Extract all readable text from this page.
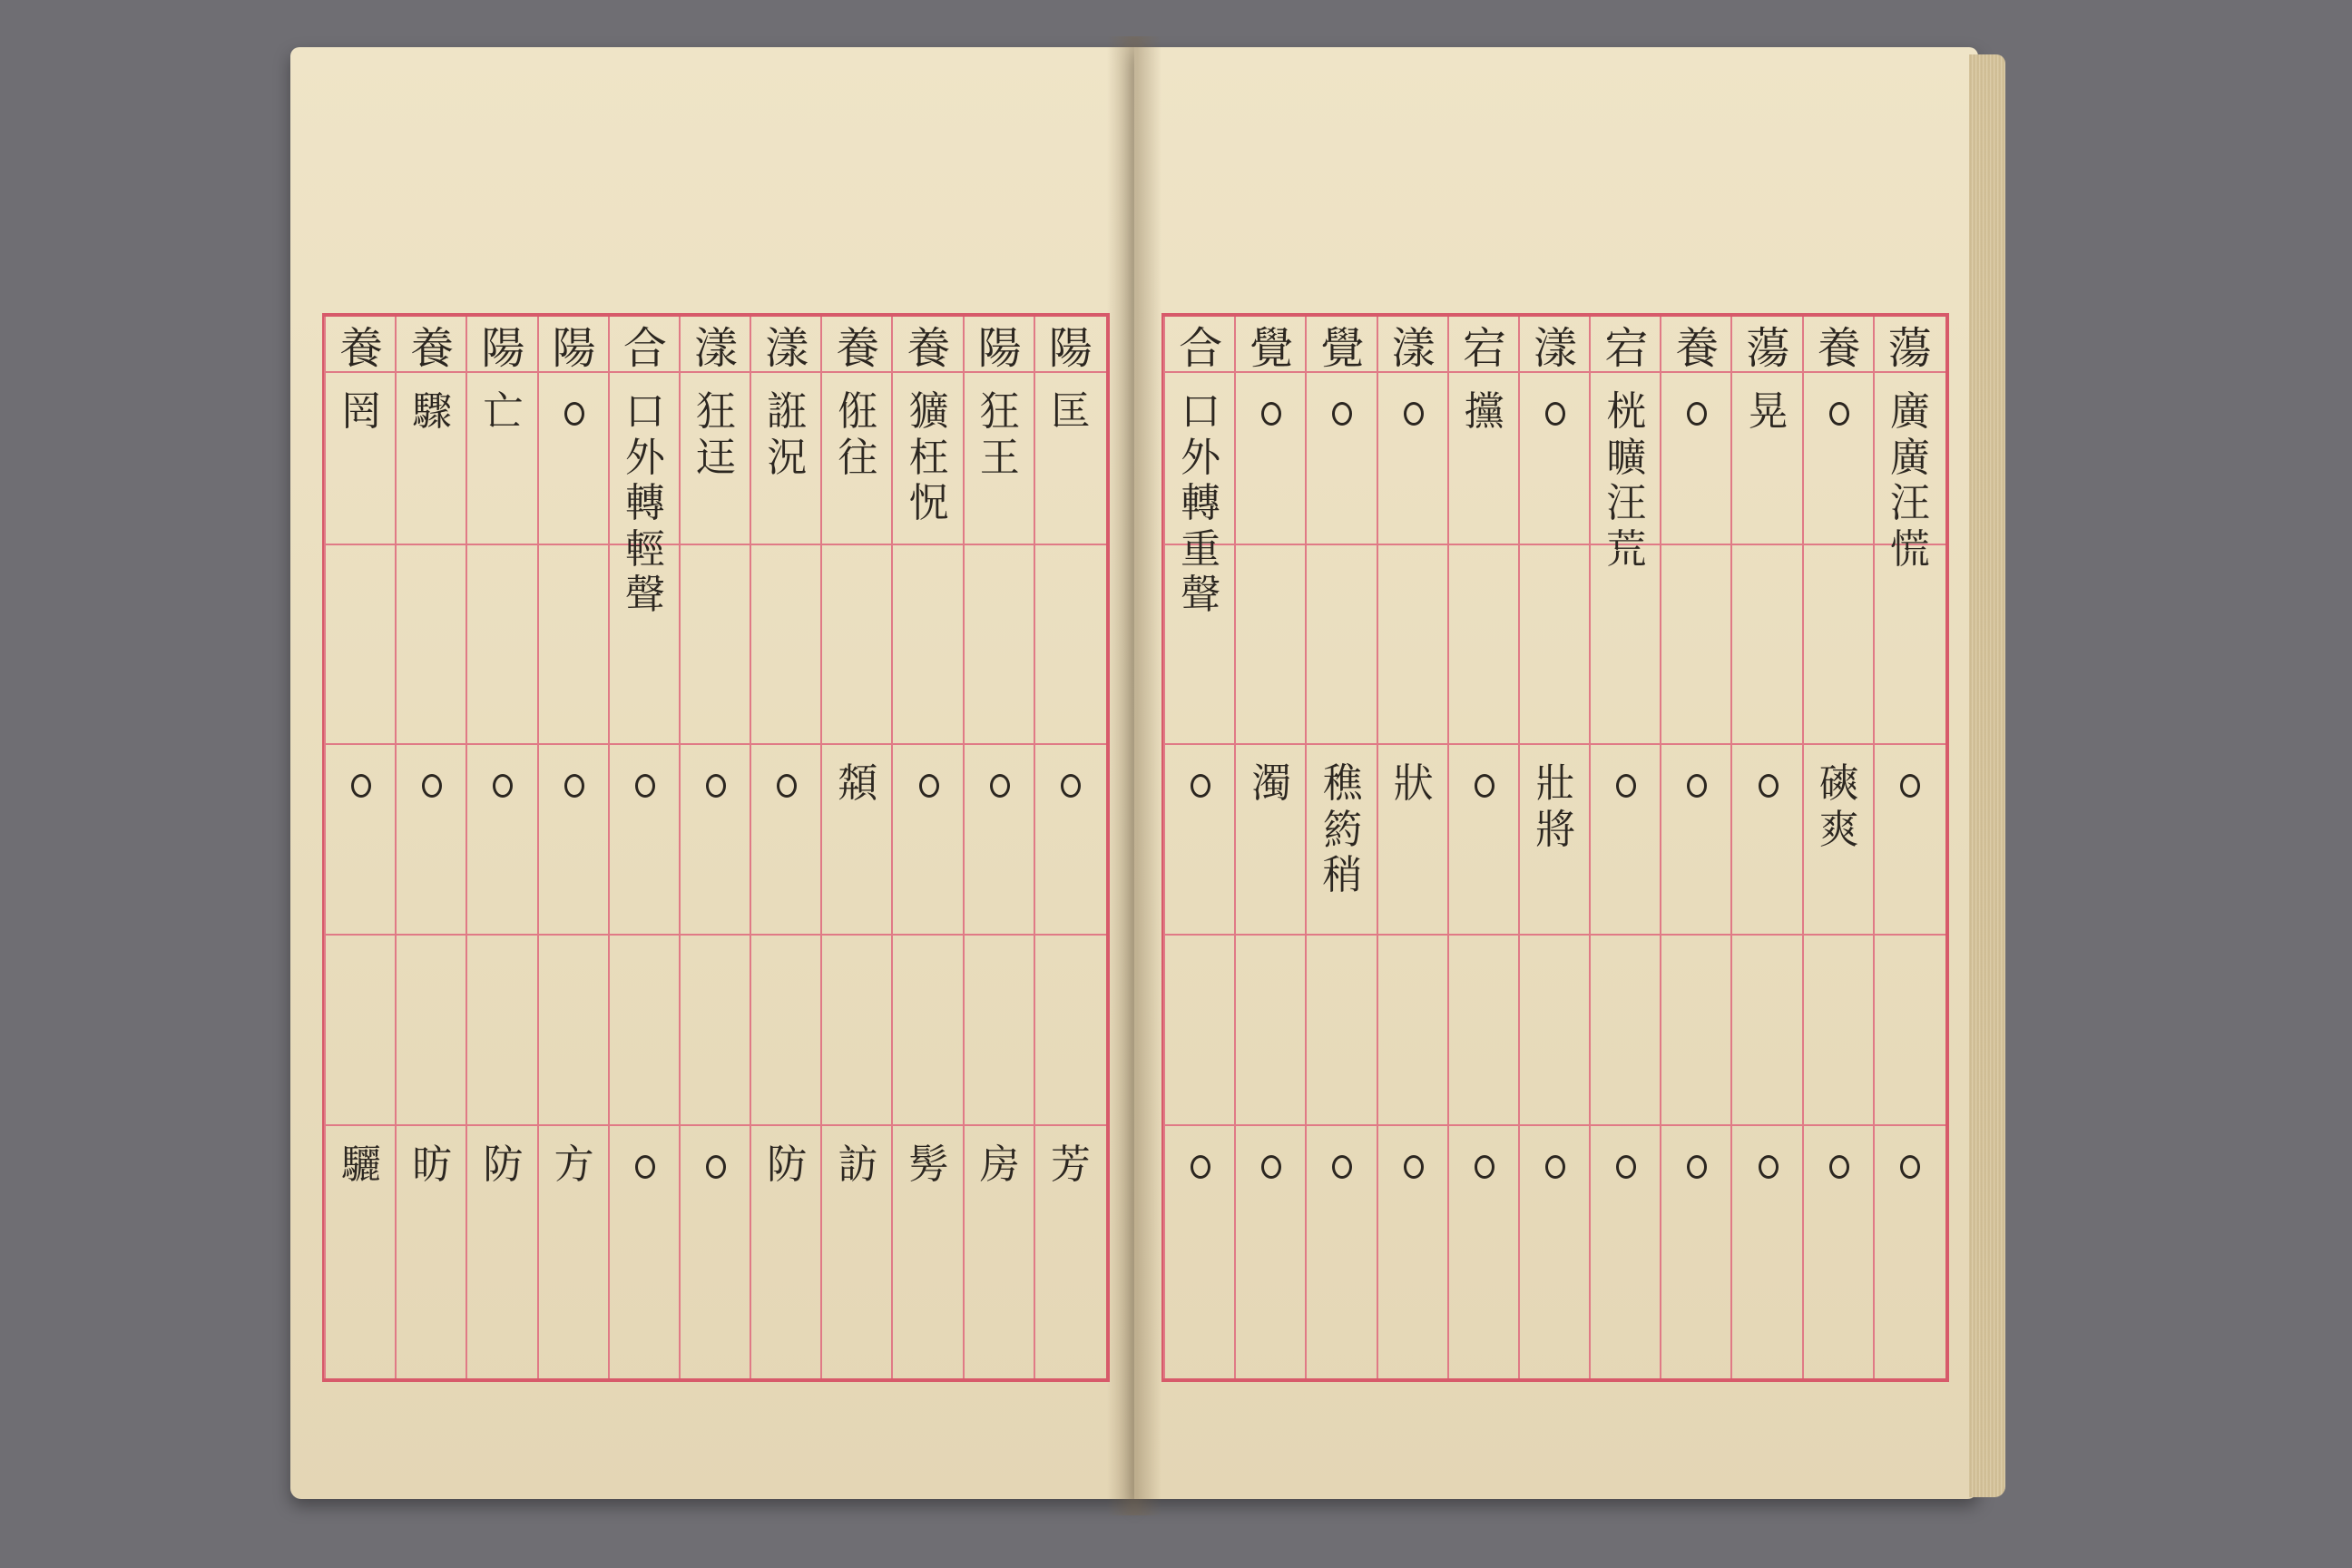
陽
匡
芳
陽
狂
王
房
養
獷
枉
怳
髣
養
俇
往
頮
訪
漾
誑
況
防
漾
狂
迋
合
口
外
轉
輕
聲
陽
方
陽
亡
防
養
驟
昉
養
罔
驪
蕩
廣
廣
汪
慌
養
磢
爽
蕩
晃
養
宕
桄
曠
汪
荒
漾
壯
將
宕
攩
漾
狀
覺
穛
箹
稍
覺
濁
合
口
外
轉
重
聲
